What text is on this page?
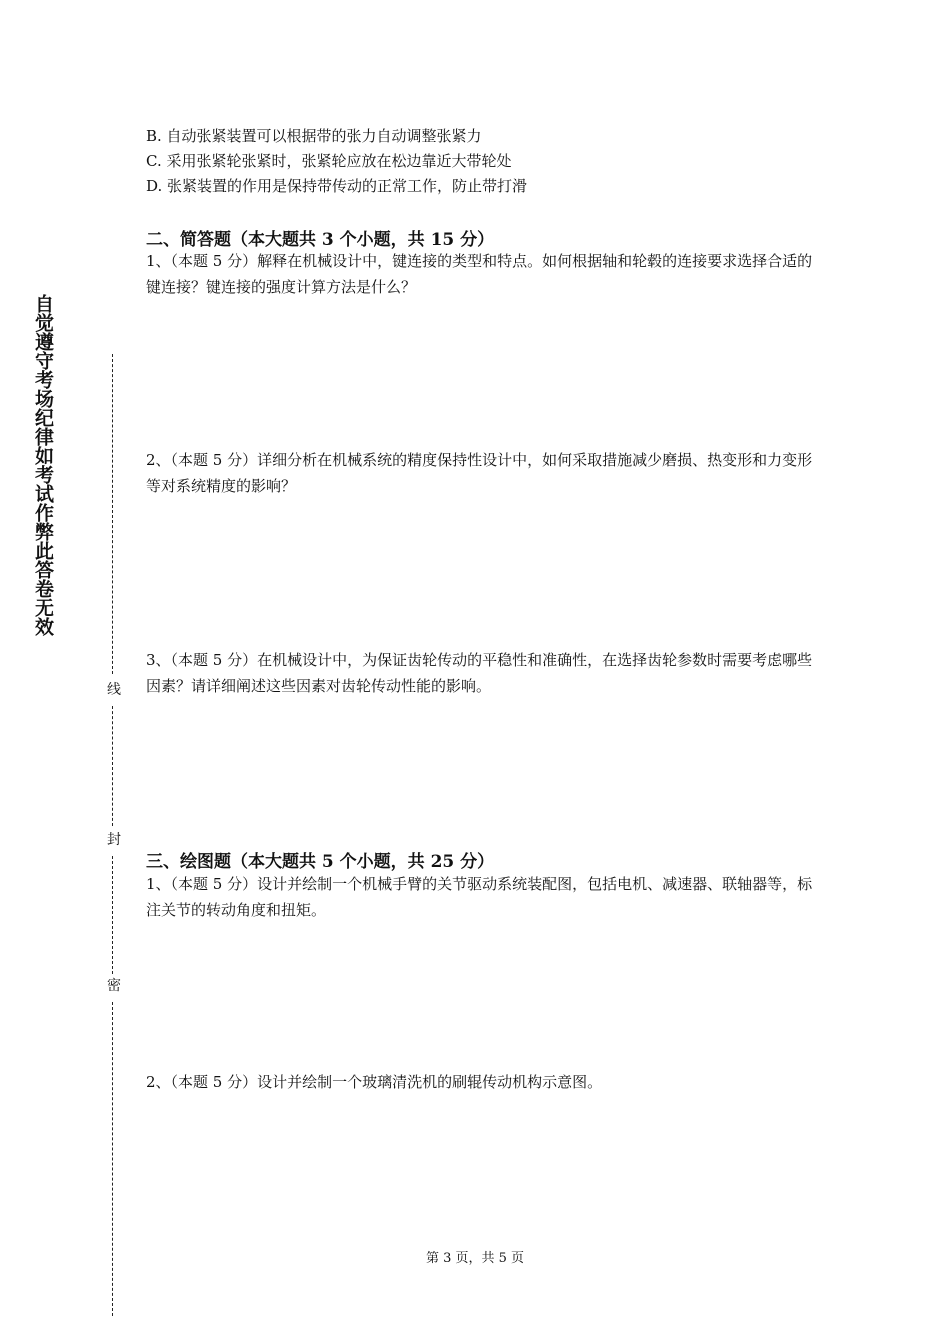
自觉遵守考场纪律如考试作弊此答卷无效
线
封
密
B. 自动张紧装置可以根据带的张力自动调整张紧力
C. 采用张紧轮张紧时，张紧轮应放在松边靠近大带轮处
D. 张紧装置的作用是保持带传动的正常工作，防止带打滑
二、简答题（本大题共 3 个小题，共 15 分）
1、（本题 5 分）解释在机械设计中，键连接的类型和特点。如何根据轴和轮毂的连接要求选择合适的键连接？键连接的强度计算方法是什么？
2、（本题 5 分）详细分析在机械系统的精度保持性设计中，如何采取措施减少磨损、热变形和力变形等对系统精度的影响？
3、（本题 5 分）在机械设计中，为保证齿轮传动的平稳性和准确性，在选择齿轮参数时需要考虑哪些因素？请详细阐述这些因素对齿轮传动性能的影响。
三、绘图题（本大题共 5 个小题，共 25 分）
1、（本题 5 分）设计并绘制一个机械手臂的关节驱动系统装配图，包括电机、减速器、联轴器等，标注关节的转动角度和扭矩。
2、（本题 5 分）设计并绘制一个玻璃清洗机的刷辊传动机构示意图。
第 3 页，共 5 页
